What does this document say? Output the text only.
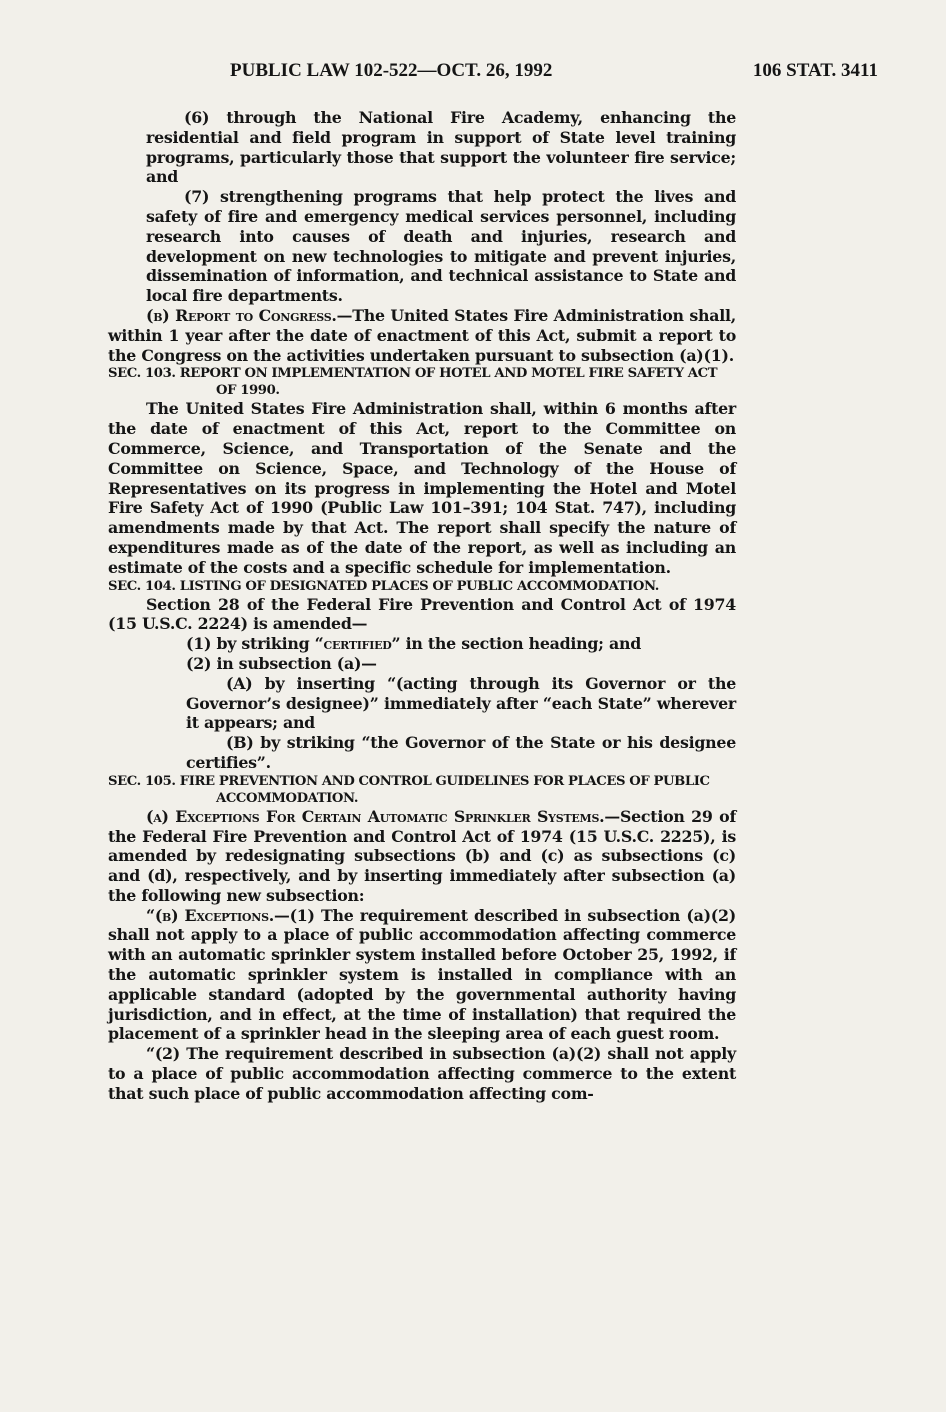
PUBLIC LAW 102-522—OCT. 26, 1992	106 STAT. 3411

(6) through the National Fire Academy, enhancing the residential and field program in support of State level training programs, particularly those that support the volunteer fire service; and

(7) strengthening programs that help protect the lives and safety of fire and emergency medical services personnel, including research into causes of death and injuries, research and development on new technologies to mitigate and prevent injuries, dissemination of information, and technical assistance to State and local fire departments.

(b) Report to Congress.—The United States Fire Administration shall, within 1 year after the date of enactment of this Act, submit a report to the Congress on the activities undertaken pursuant to subsection (a)(1).

SEC. 103. REPORT ON IMPLEMENTATION OF HOTEL AND MOTEL FIRE SAFETY ACT OF 1990.

The United States Fire Administration shall, within 6 months after the date of enactment of this Act, report to the Committee on Commerce, Science, and Transportation of the Senate and the Committee on Science, Space, and Technology of the House of Representatives on its progress in implementing the Hotel and Motel Fire Safety Act of 1990 (Public Law 101–391; 104 Stat. 747), including amendments made by that Act. The report shall specify the nature of expenditures made as of the date of the report, as well as including an estimate of the costs and a specific schedule for implementation.

SEC. 104. LISTING OF DESIGNATED PLACES OF PUBLIC ACCOMMODATION.

Section 28 of the Federal Fire Prevention and Control Act of 1974 (15 U.S.C. 2224) is amended—

(1) by striking “certified” in the section heading; and

(2) in subsection (a)—

(A) by inserting “(acting through its Governor or the Governor’s designee)” immediately after “each State” wherever it appears; and

(B) by striking “the Governor of the State or his designee certifies”.

SEC. 105. FIRE PREVENTION AND CONTROL GUIDELINES FOR PLACES OF PUBLIC ACCOMMODATION.

(a) Exceptions For Certain Automatic Sprinkler Systems.—Section 29 of the Federal Fire Prevention and Control Act of 1974 (15 U.S.C. 2225), is amended by redesignating subsections (b) and (c) as subsections (c) and (d), respectively, and by inserting immediately after subsection (a) the following new subsection:

“(b) Exceptions.—(1) The requirement described in subsection (a)(2) shall not apply to a place of public accommodation affecting commerce with an automatic sprinkler system installed before October 25, 1992, if the automatic sprinkler system is installed in compliance with an applicable standard (adopted by the governmental authority having jurisdiction, and in effect, at the time of installation) that required the placement of a sprinkler head in the sleeping area of each guest room.

“(2) The requirement described in subsection (a)(2) shall not apply to a place of public accommodation affecting commerce to the extent that such place of public accommodation affecting com-
